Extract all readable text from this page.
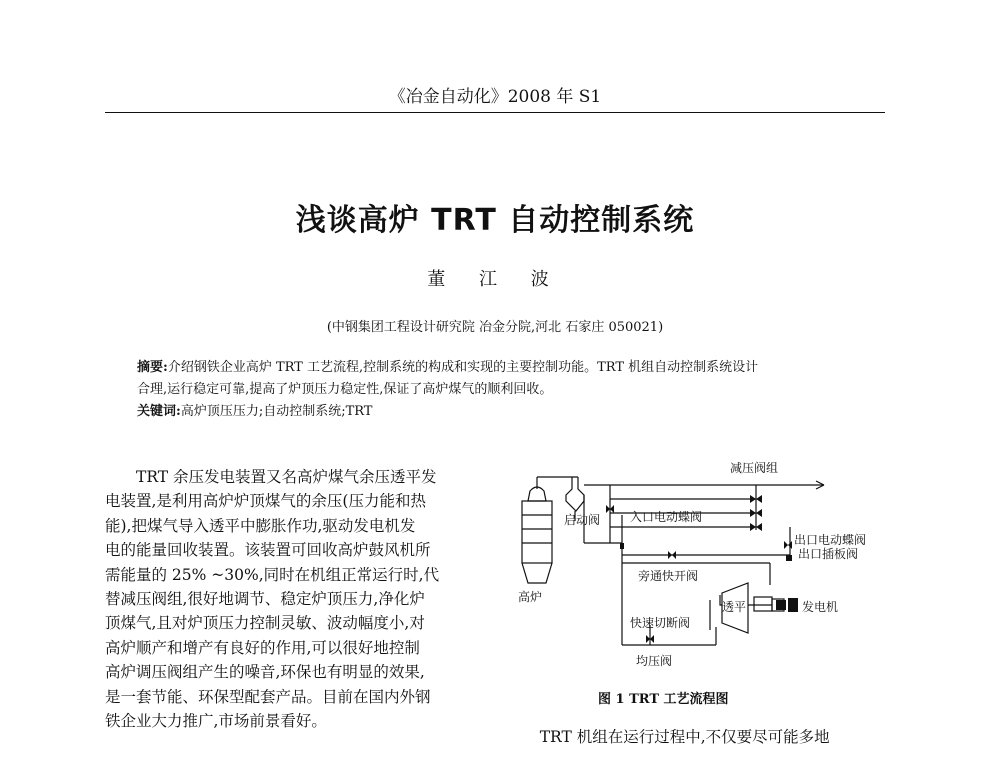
《冶金自动化》2008 年 S1
浅谈高炉 TRT 自动控制系统
董 江 波
(中钢集团工程设计研究院 冶金分院,河北 石家庄 050021)
摘要:介绍钢铁企业高炉 TRT 工艺流程,控制系统的构成和实现的主要控制功能。TRT 机组自动控制系统设计
合理,运行稳定可靠,提高了炉顶压力稳定性,保证了高炉煤气的顺利回收。
关键词:高炉顶压压力;自动控制系统;TRT

TRT 余压发电装置又名高炉煤气余压透平发

电装置,是利用高炉炉顶煤气的余压(压力能和热

能),把煤气导入透平中膨胀作功,驱动发电机发

电的能量回收装置。该装置可回收高炉鼓风机所

需能量的 25% ~30%,同时在机组正常运行时,代

替减压阀组,很好地调节、稳定炉顶压力,净化炉

顶煤气,且对炉顶压力控制灵敏、波动幅度小,对

高炉顺产和增产有良好的作用,可以很好地控制

高炉调压阀组产生的噪音,环保也有明显的效果,

是一套节能、环保型配套产品。目前在国内外钢

铁企业大力推广,市场前景看好。

减压阀组
启动阀 入口电动蝶阀
出口电动蝶阀
出口插板阀
高炉
旁通快开阀
透平	发电机
快速切断阀
均压阀
图 1 TRT 工艺流程图
TRT 机组在运行过程中,不仅要尽可能多地
